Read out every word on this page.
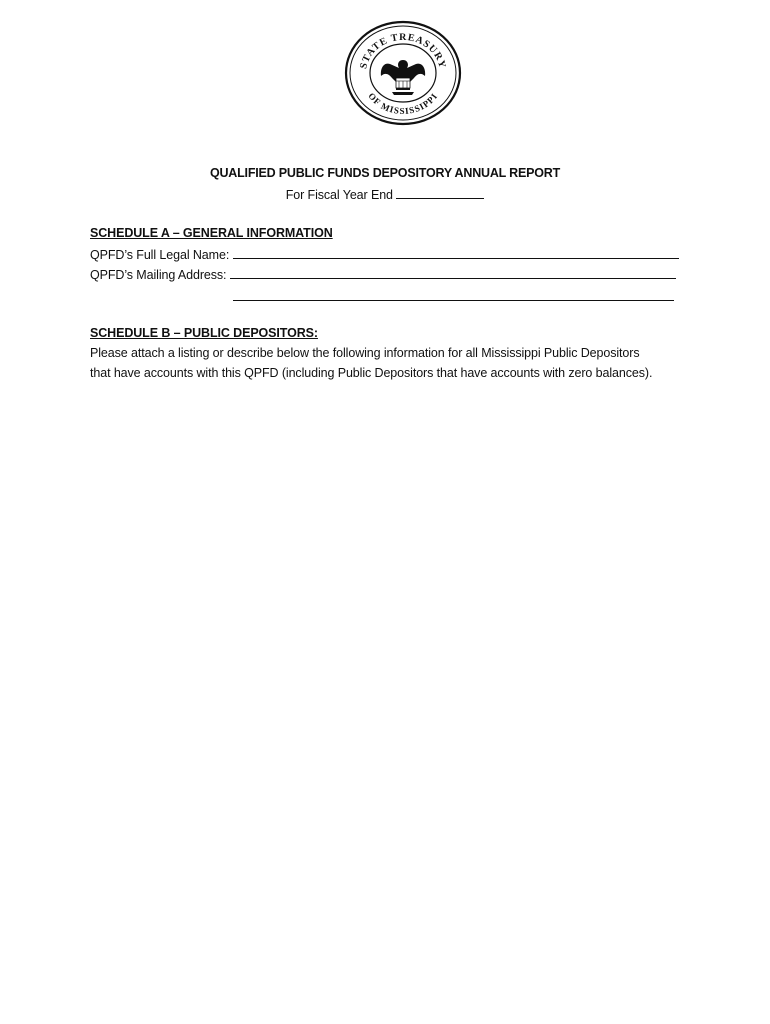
STATE TREASURY
OF MISSISSIPPI
QUALIFIED PUBLIC FUNDS DEPOSITORY ANNUAL REPORT
For Fiscal Year End
SCHEDULE A – GENERAL INFORMATION
QPFD’s Full Legal Name:
QPFD’s Mailing Address:
SCHEDULE B – PUBLIC DEPOSITORS:
Please attach a listing or describe below the following information for all Mississippi Public Depositors
that have accounts with this QPFD (including Public Depositors that have accounts with zero balances).
